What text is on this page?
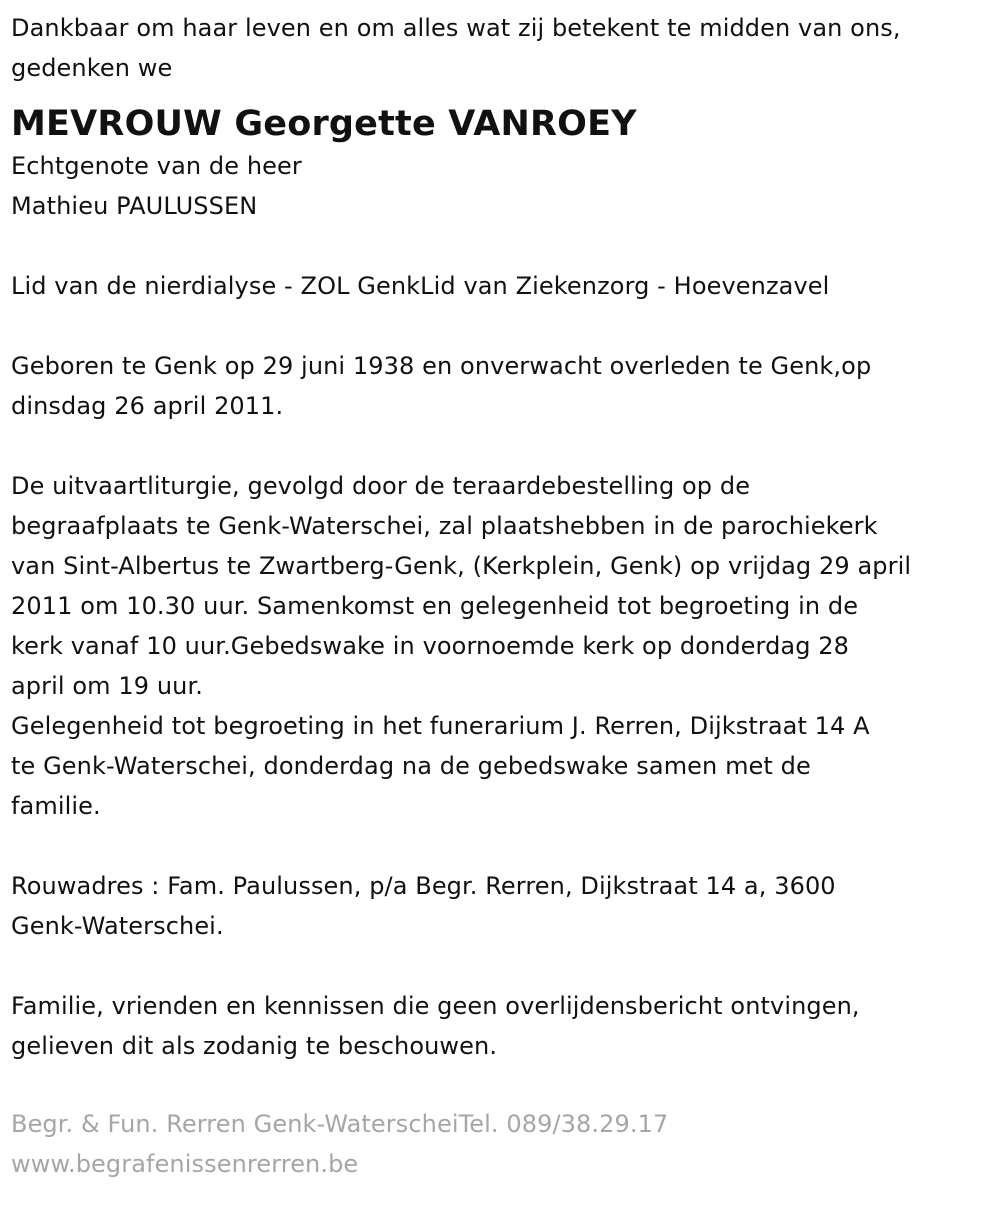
Dankbaar om haar leven en om alles wat zij betekent te midden van ons,
gedenken we
MEVROUW Georgette VANROEY
Echtgenote van de heer
Mathieu PAULUSSEN
Lid van de nierdialyse - ZOL GenkLid van Ziekenzorg - Hoevenzavel
Geboren te Genk op 29 juni 1938 en onverwacht overleden te Genk,op
dinsdag 26 april 2011.
De uitvaartliturgie, gevolgd door de teraardebestelling op de
begraafplaats te Genk-Waterschei, zal plaatshebben in de parochiekerk
van Sint-Albertus te Zwartberg-Genk, (Kerkplein, Genk) op vrijdag 29 april
2011 om 10.30 uur. Samenkomst en gelegenheid tot begroeting in de
kerk vanaf 10 uur.Gebedswake in voornoemde kerk op donderdag 28
april om 19 uur.
Gelegenheid tot begroeting in het funerarium J. Rerren, Dijkstraat 14 A
te Genk-Waterschei, donderdag na de gebedswake samen met de
familie.
Rouwadres : Fam. Paulussen, p/a Begr. Rerren, Dijkstraat 14 a, 3600
Genk-Waterschei.
Familie, vrienden en kennissen die geen overlijdensbericht ontvingen,
gelieven dit als zodanig te beschouwen.
Begr. & Fun. Rerren Genk-WaterscheiTel. 089/38.29.17
www.begrafenissenrerren.be
